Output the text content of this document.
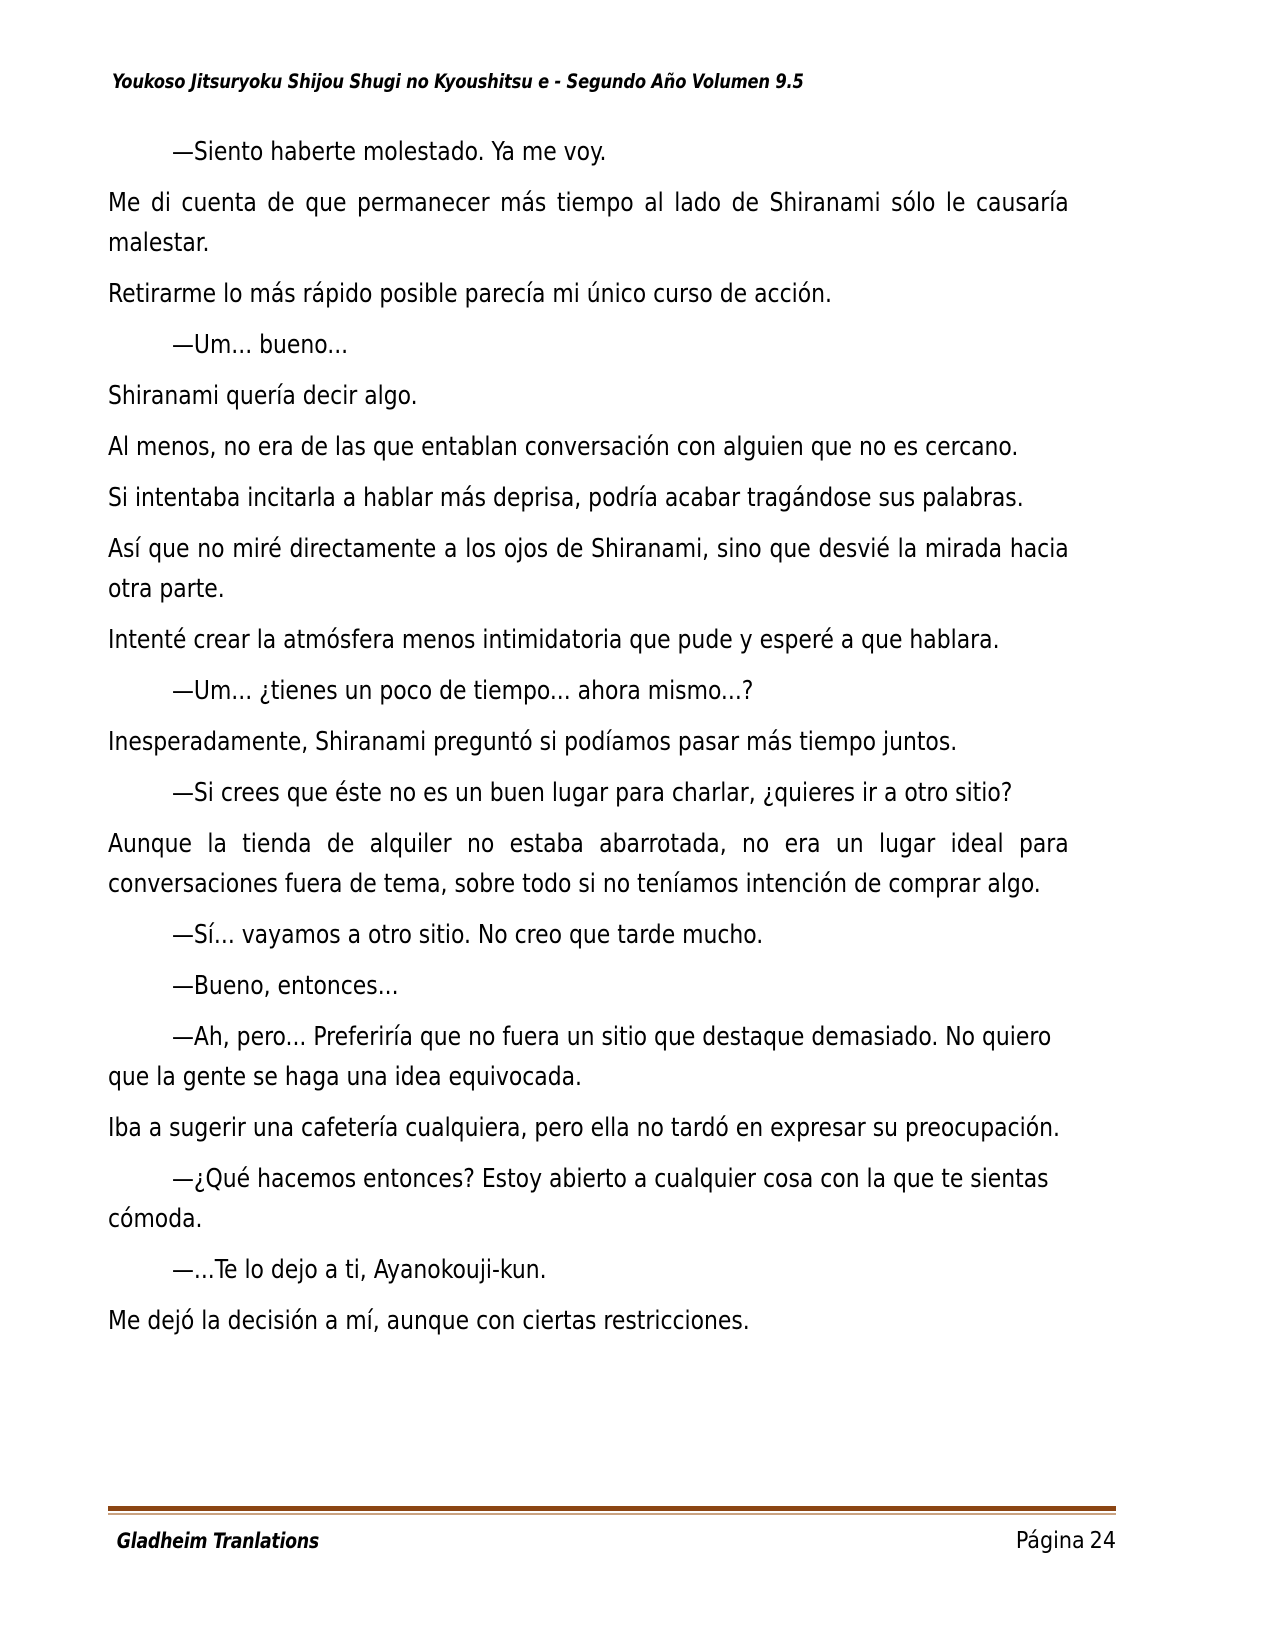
Youkoso Jitsuryoku Shijou Shugi no Kyoushitsu e - Segundo Año Volumen 9.5

—Siento haberte molestado. Ya me voy.

Me di cuenta de que permanecer más tiempo al lado de Shiranami sólo le causaría malestar.

Retirarme lo más rápido posible parecía mi único curso de acción.

—Um... bueno...

Shiranami quería decir algo.

Al menos, no era de las que entablan conversación con alguien que no es cercano.

Si intentaba incitarla a hablar más deprisa, podría acabar tragándose sus palabras.

Así que no miré directamente a los ojos de Shiranami, sino que desvié la mirada hacia otra parte.

Intenté crear la atmósfera menos intimidatoria que pude y esperé a que hablara.

—Um... ¿tienes un poco de tiempo... ahora mismo...?

Inesperadamente, Shiranami preguntó si podíamos pasar más tiempo juntos.

—Si crees que éste no es un buen lugar para charlar, ¿quieres ir a otro sitio?

Aunque la tienda de alquiler no estaba abarrotada, no era un lugar ideal para conversaciones fuera de tema, sobre todo si no teníamos intención de comprar algo.

—Sí... vayamos a otro sitio. No creo que tarde mucho.

—Bueno, entonces...

—Ah, pero... Preferiría que no fuera un sitio que destaque demasiado. No quiero que la gente se haga una idea equivocada.

Iba a sugerir una cafetería cualquiera, pero ella no tardó en expresar su preocupación.

—¿Qué hacemos entonces? Estoy abierto a cualquier cosa con la que te sientas cómoda.

—...Te lo dejo a ti, Ayanokouji-kun.

Me dejó la decisión a mí, aunque con ciertas restricciones.

Gladheim Tranlations	Página 24
